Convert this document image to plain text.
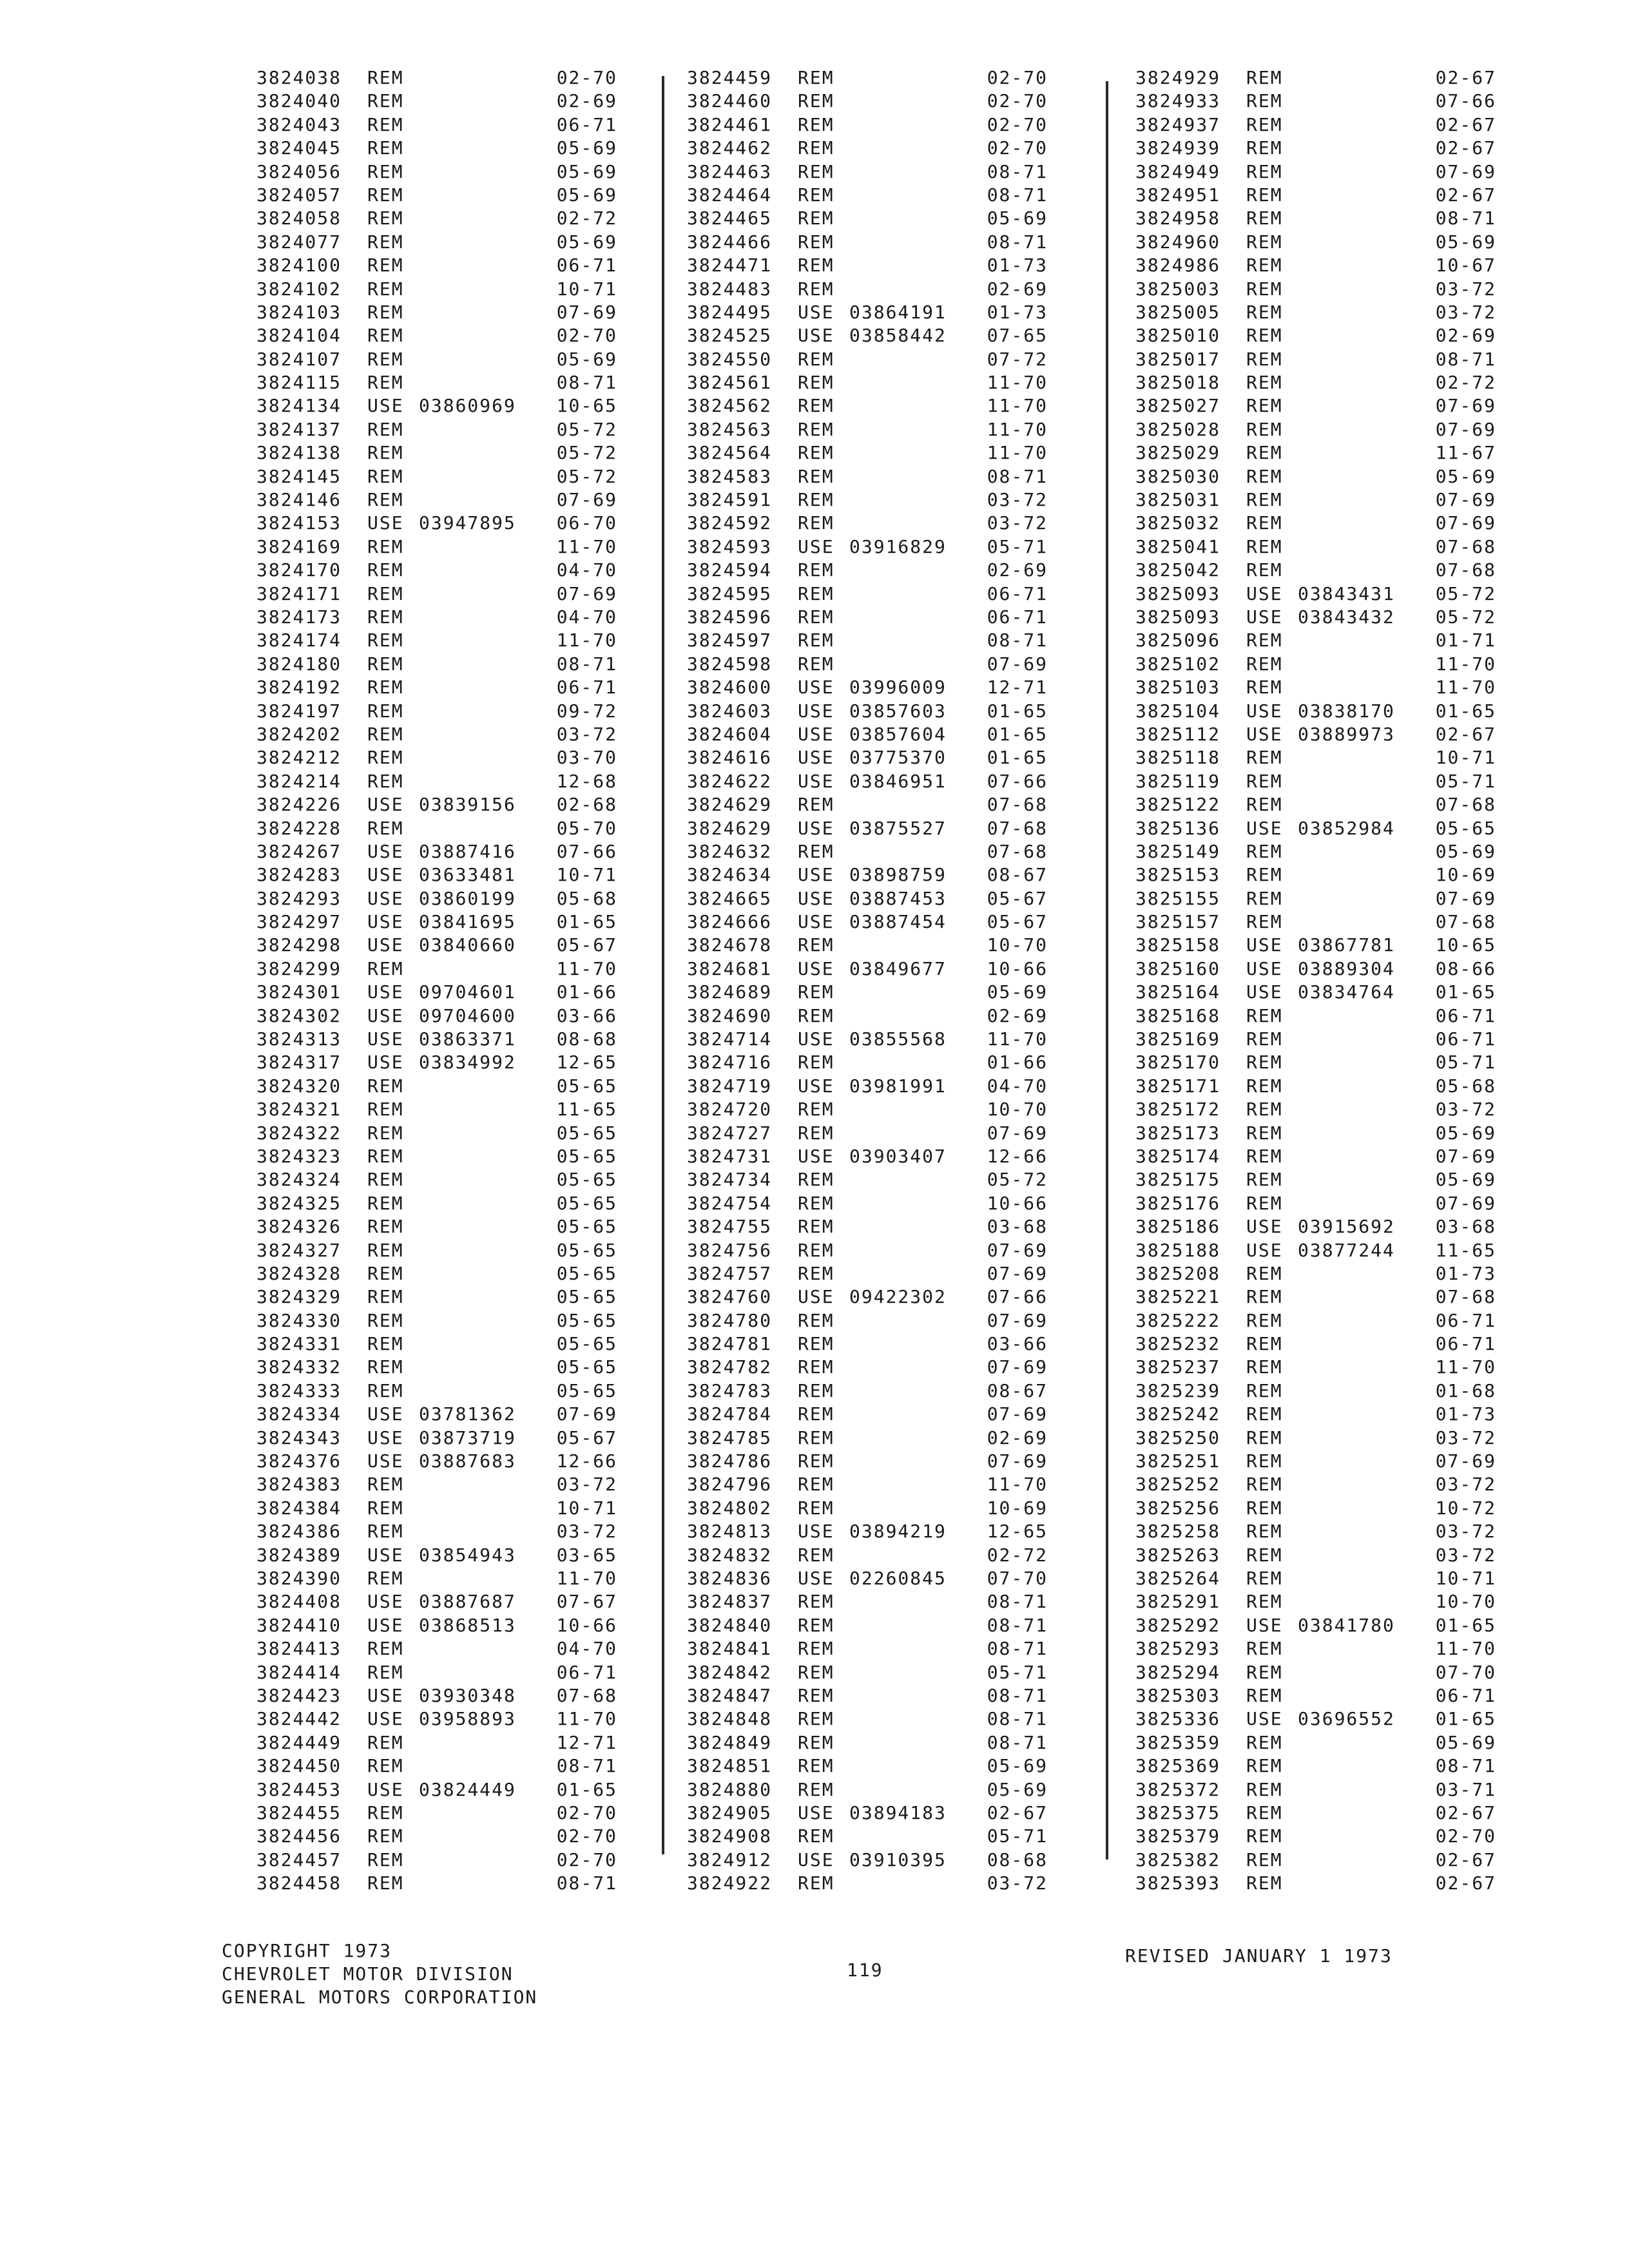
3824038 REM	02-70
3824040 REM	02-69
3824043 REM	06-71
3824045 REM	05-69
3824056 REM	05-69
3824057 REM	05-69
3824058 REM	02-72
3824077 REM	05-69
3824100 REM	06-71
3824102 REM	10-71
3824103 REM	07-69
3824104 REM	02-70
3824107 REM	05-69
3824115 REM	08-71
3824134 USE 03860969 10-65
3824137 REM	05-72
3824138 REM	05-72
3824145 REM	05-72
3824146 REM	07-69
3824153 USE 03947895 06-70
3824169 REM	11-70
3824170 REM	04-70
3824171 REM	07-69
3824173 REM	04-70
3824174 REM	11-70
3824180 REM	08-71
3824192 REM	06-71
3824197 REM	09-72
3824202 REM	03-72
3824212 REM	03-70
3824214 REM	12-68
3824226 USE 03839156 02-68
3824228 REM	05-70
3824267 USE 03887416 07-66
3824283 USE 03633481 10-71
3824293 USE 03860199 05-68
3824297 USE 03841695 01-65
3824298 USE 03840660 05-67
3824299 REM	11-70
3824301 USE 09704601 01-66
3824302 USE 09704600 03-66
3824313 USE 03863371 08-68
3824317 USE 03834992 12-65
3824320 REM	05-65
3824321 REM	11-65
3824322 REM	05-65
3824323 REM	05-65
3824324 REM	05-65
3824325 REM	05-65
3824326 REM	05-65
3824327 REM	05-65
3824328 REM	05-65
3824329 REM	05-65
3824330 REM	05-65
3824331 REM	05-65
3824332 REM	05-65
3824333 REM	05-65
3824334 USE 03781362 07-69
3824343 USE 03873719 05-67
3824376 USE 03887683 12-66
3824383 REM	03-72
3824384 REM	10-71
3824386 REM	03-72
3824389 USE 03854943 03-65
3824390 REM	11-70
3824408 USE 03887687 07-67
3824410 USE 03868513 10-66
3824413 REM	04-70
3824414 REM	06-71
3824423 USE 03930348 07-68
3824442 USE 03958893 11-70
3824449 REM	12-71
3824450 REM	08-71
3824453 USE 03824449 01-65
3824455 REM	02-70
3824456 REM	02-70
3824457 REM	02-70
3824458 REM	08-71
3824459 REM	02-70
3824460 REM	02-70
3824461 REM	02-70
3824462 REM	02-70
3824463 REM	08-71
3824464 REM	08-71
3824465 REM	05-69
3824466 REM	08-71
3824471 REM	01-73
3824483 REM	02-69
3824495 USE 03864191 01-73
3824525 USE 03858442 07-65
3824550 REM	07-72
3824561 REM	11-70
3824562 REM	11-70
3824563 REM	11-70
3824564 REM	11-70
3824583 REM	08-71
3824591 REM	03-72
3824592 REM	03-72
3824593 USE 03916829 05-71
3824594 REM	02-69
3824595 REM	06-71
3824596 REM	06-71
3824597 REM	08-71
3824598 REM	07-69
3824600 USE 03996009 12-71
3824603 USE 03857603 01-65
3824604 USE 03857604 01-65
3824616 USE 03775370 01-65
3824622 USE 03846951 07-66
3824629 REM	07-68
3824629 USE 03875527 07-68
3824632 REM	07-68
3824634 USE 03898759 08-67
3824665 USE 03887453 05-67
3824666 USE 03887454 05-67
3824678 REM	10-70
3824681 USE 03849677 10-66
3824689 REM	05-69
3824690 REM	02-69
3824714 USE 03855568 11-70
3824716 REM	01-66
3824719 USE 03981991 04-70
3824720 REM	10-70
3824727 REM	07-69
3824731 USE 03903407 12-66
3824734 REM	05-72
3824754 REM	10-66
3824755 REM	03-68
3824756 REM	07-69
3824757 REM	07-69
3824760 USE 09422302 07-66
3824780 REM	07-69
3824781 REM	03-66
3824782 REM	07-69
3824783 REM	08-67
3824784 REM	07-69
3824785 REM	02-69
3824786 REM	07-69
3824796 REM	11-70
3824802 REM	10-69
3824813 USE 03894219 12-65
3824832 REM	02-72
3824836 USE 02260845 07-70
3824837 REM	08-71
3824840 REM	08-71
3824841 REM	08-71
3824842 REM	05-71
3824847 REM	08-71
3824848 REM	08-71
3824849 REM	08-71
3824851 REM	05-69
3824880 REM	05-69
3824905 USE 03894183 02-67
3824908 REM	05-71
3824912 USE 03910395 08-68
3824922 REM	03-72
3824929 REM	02-67
3824933 REM	07-66
3824937 REM	02-67
3824939 REM	02-67
3824949 REM	07-69
3824951 REM	02-67
3824958 REM	08-71
3824960 REM	05-69
3824986 REM	10-67
3825003 REM	03-72
3825005 REM	03-72
3825010 REM	02-69
3825017 REM	08-71
3825018 REM	02-72
3825027 REM	07-69
3825028 REM	07-69
3825029 REM	11-67
3825030 REM	05-69
3825031 REM	07-69
3825032 REM	07-69
3825041 REM	07-68
3825042 REM	07-68
3825093 USE 03843431 05-72
3825093 USE 03843432 05-72
3825096 REM	01-71
3825102 REM	11-70
3825103 REM	11-70
3825104 USE 03838170 01-65
3825112 USE 03889973 02-67
3825118 REM	10-71
3825119 REM	05-71
3825122 REM	07-68
3825136 USE 03852984 05-65
3825149 REM	05-69
3825153 REM	10-69
3825155 REM	07-69
3825157 REM	07-68
3825158 USE 03867781 10-65
3825160 USE 03889304 08-66
3825164 USE 03834764 01-65
3825168 REM	06-71
3825169 REM	06-71
3825170 REM	05-71
3825171 REM	05-68
3825172 REM	03-72
3825173 REM	05-69
3825174 REM	07-69
3825175 REM	05-69
3825176 REM	07-69
3825186 USE 03915692 03-68
3825188 USE 03877244 11-65
3825208 REM	01-73
3825221 REM	07-68
3825222 REM	06-71
3825232 REM	06-71
3825237 REM	11-70
3825239 REM	01-68
3825242 REM	01-73
3825250 REM	03-72
3825251 REM	07-69
3825252 REM	03-72
3825256 REM	10-72
3825258 REM	03-72
3825263 REM	03-72
3825264 REM	10-71
3825291 REM	10-70
3825292 USE 03841780 01-65
3825293 REM	11-70
3825294 REM	07-70
3825303 REM	06-71
3825336 USE 03696552 01-65
3825359 REM	05-69
3825369 REM	08-71
3825372 REM	03-71
3825375 REM	02-67
3825379 REM	02-70
3825382 REM	02-67
3825393 REM	02-67
COPYRIGHT 1973
CHEVROLET MOTOR DIVISION
GENERAL MOTORS CORPORATION
119
REVISED JANUARY 1 1973
